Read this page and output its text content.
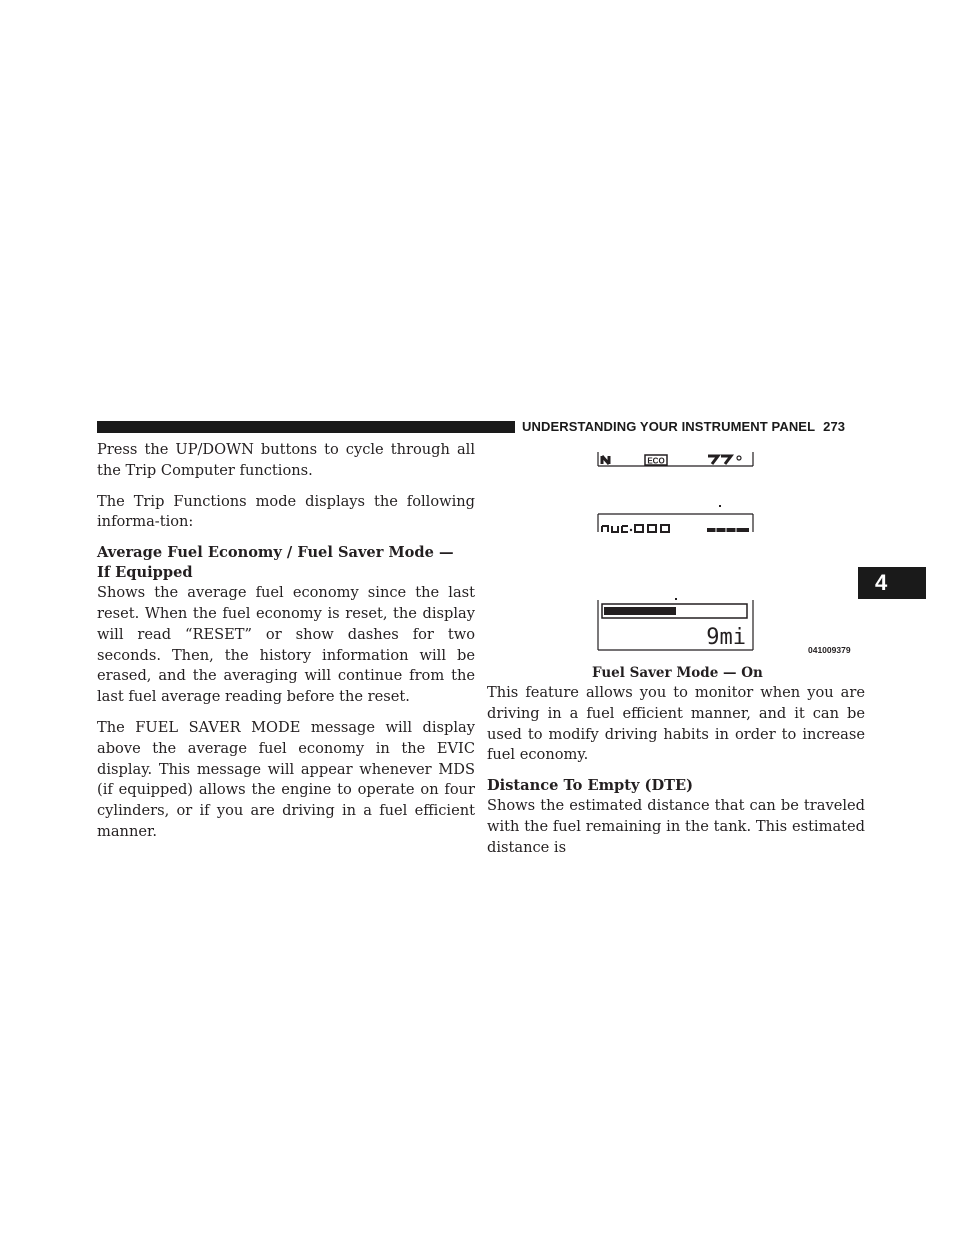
UNDERSTANDING YOUR INSTRUMENT PANEL 273
4

Press the UP/DOWN buttons to cycle through all the Trip Computer functions.

The Trip Functions mode displays the following informa-tion:

Average Fuel Economy / Fuel Saver Mode —
If Equipped

Shows the average fuel economy since the last reset. When the fuel economy is reset, the display will read “RESET” or show dashes for two seconds. Then, the history information will be erased, and the averaging will continue from the last fuel average reading before the reset.

The FUEL SAVER MODE message will display above the average fuel economy in the EVIC display. This message will appear whenever MDS (if equipped) allows the engine to operate on four cylinders, or if you are driving in a fuel efficient manner.

ECO
9mi	041009379
Fuel Saver Mode — On

This feature allows you to monitor when you are driving in a fuel efficient manner, and it can be used to modify driving habits in order to increase fuel economy.

Distance To Empty (DTE)

Shows the estimated distance that can be traveled with the fuel remaining in the tank. This estimated distance is
